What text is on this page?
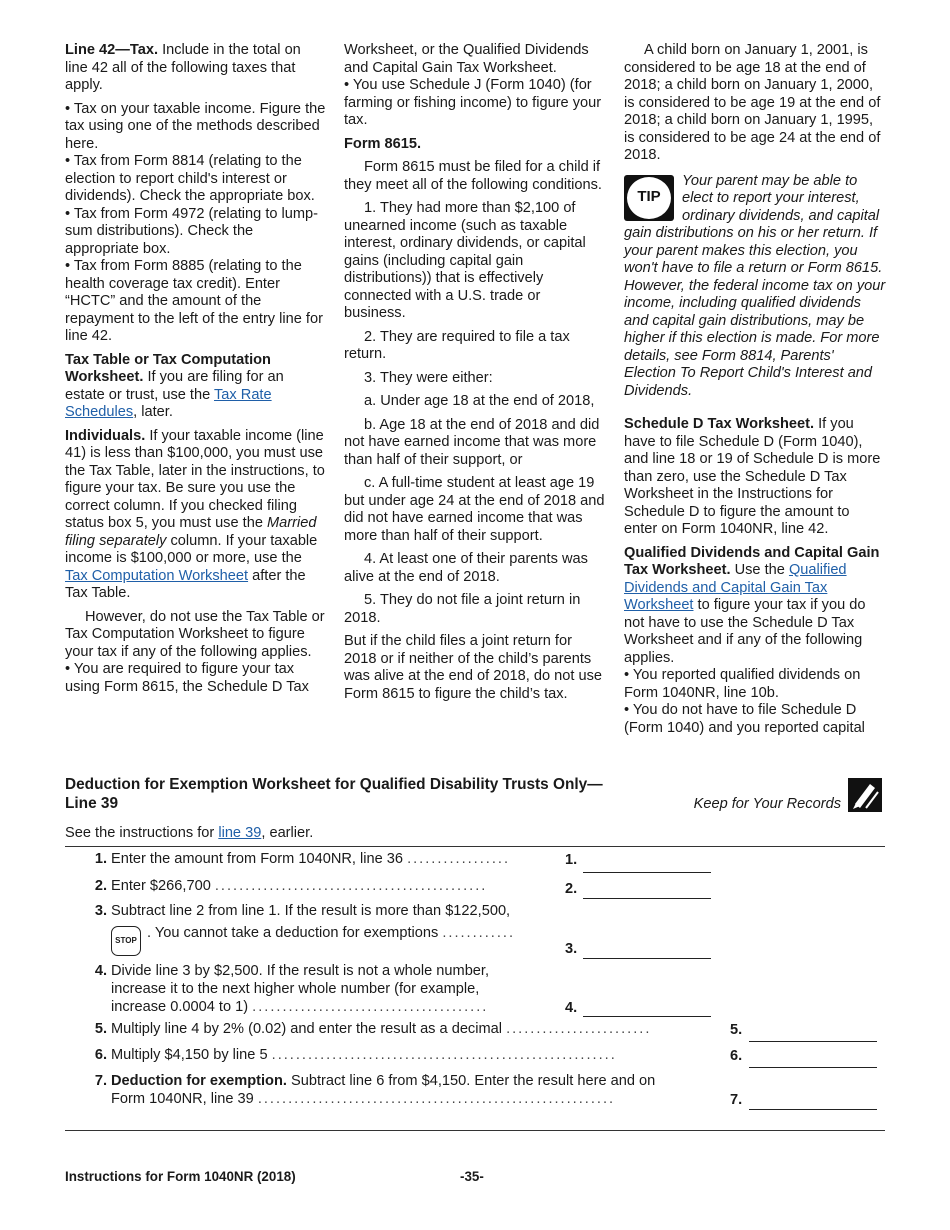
Line 42—Tax. Include in the total on line 42 all of the following taxes that apply.

• Tax on your taxable income. Figure the tax using one of the methods described here.

• Tax from Form 8814 (relating to the election to report child's interest or dividends). Check the appropriate box.

• Tax from Form 4972 (relating to lump-sum distributions). Check the appropriate box.

• Tax from Form 8885 (relating to the health coverage tax credit). Enter “HCTC” and the amount of the repayment to the left of the entry line for line 42.

Tax Table or Tax Computation Worksheet. If you are filing for an estate or trust, use the Tax Rate Schedules, later.

Individuals. If your taxable income (line 41) is less than $100,000, you must use the Tax Table, later in the instructions, to figure your tax. Be sure you use the correct column. If you checked filing status box 5, you must use the Married filing separately column. If your taxable income is $100,000 or more, use the Tax Computation Worksheet after the Tax Table.

However, do not use the Tax Table or Tax Computation Worksheet to figure your tax if any of the following applies.

• You are required to figure your tax using Form 8615, the Schedule D Tax

Worksheet, or the Qualified Dividends and Capital Gain Tax Worksheet.

• You use Schedule J (Form 1040) (for farming or fishing income) to figure your tax.

Form 8615.

Form 8615 must be filed for a child if they meet all of the following conditions.

1. They had more than $2,100 of unearned income (such as taxable interest, ordinary dividends, or capital gains (including capital gain distributions)) that is effectively connected with a U.S. trade or business.

2. They are required to file a tax return.

3. They were either:

a. Under age 18 at the end of 2018,

b. Age 18 at the end of 2018 and did not have earned income that was more than half of their support, or

c. A full-time student at least age 19 but under age 24 at the end of 2018 and did not have earned income that was more than half of their support.

4. At least one of their parents was alive at the end of 2018.

5. They do not file a joint return in 2018.

But if the child files a joint return for 2018 or if neither of the child’s parents was alive at the end of 2018, do not use Form 8615 to figure the child’s tax.

A child born on January 1, 2001, is considered to be age 18 at the end of 2018; a child born on January 1, 2000, is considered to be age 19 at the end of 2018; a child born on January 1, 1995, is considered to be age 24 at the end of 2018.

TIP

Your parent may be able to elect to report your interest, ordinary dividends, and capital gain distributions on his or her return. If your parent makes this election, you won't have to file a return or Form 8615. However, the federal income tax on your income, including qualified dividends and capital gain distributions, may be higher if this election is made. For more details, see Form 8814, Parents' Election To Report Child's Interest and Dividends.

Schedule D Tax Worksheet. If you have to file Schedule D (Form 1040), and line 18 or 19 of Schedule D is more than zero, use the Schedule D Tax Worksheet in the Instructions for Schedule D to figure the amount to enter on Form 1040NR, line 42.

Qualified Dividends and Capital Gain Tax Worksheet. Use the Qualified Dividends and Capital Gain Tax Worksheet to figure your tax if you do not have to use the Schedule D Tax Worksheet and if any of the following applies.

• You reported qualified dividends on Form 1040NR, line 10b.

• You do not have to file Schedule D (Form 1040) and you reported capital

Deduction for Exemption Worksheet for Qualified Disability Trusts Only—Line 39	Keep for Your Records
See the instructions for line 39, earlier.
1. Enter the amount from Form 1040NR, line 36 .................	1.
2. Enter $266,700 .............................................	2.
3. Subtract line 2 from line 1. If the result is more than $122,500,
STOP . You cannot take a deduction for exemptions ............
3.
4. Divide line 3 by $2,500. If the result is not a whole number,
increase it to the next higher whole number (for example,
increase 0.0004 to 1) .......................................	4.
5. Multiply line 4 by 2% (0.02) and enter the result as a decimal ........................	5.
6. Multiply $4,150 by line 5 .........................................................	6.
7. Deduction for exemption. Subtract line 6 from $4,150. Enter the result here and on
Form 1040NR, line 39 ...........................................................	7.
Instructions for Form 1040NR (2018)	-35-
